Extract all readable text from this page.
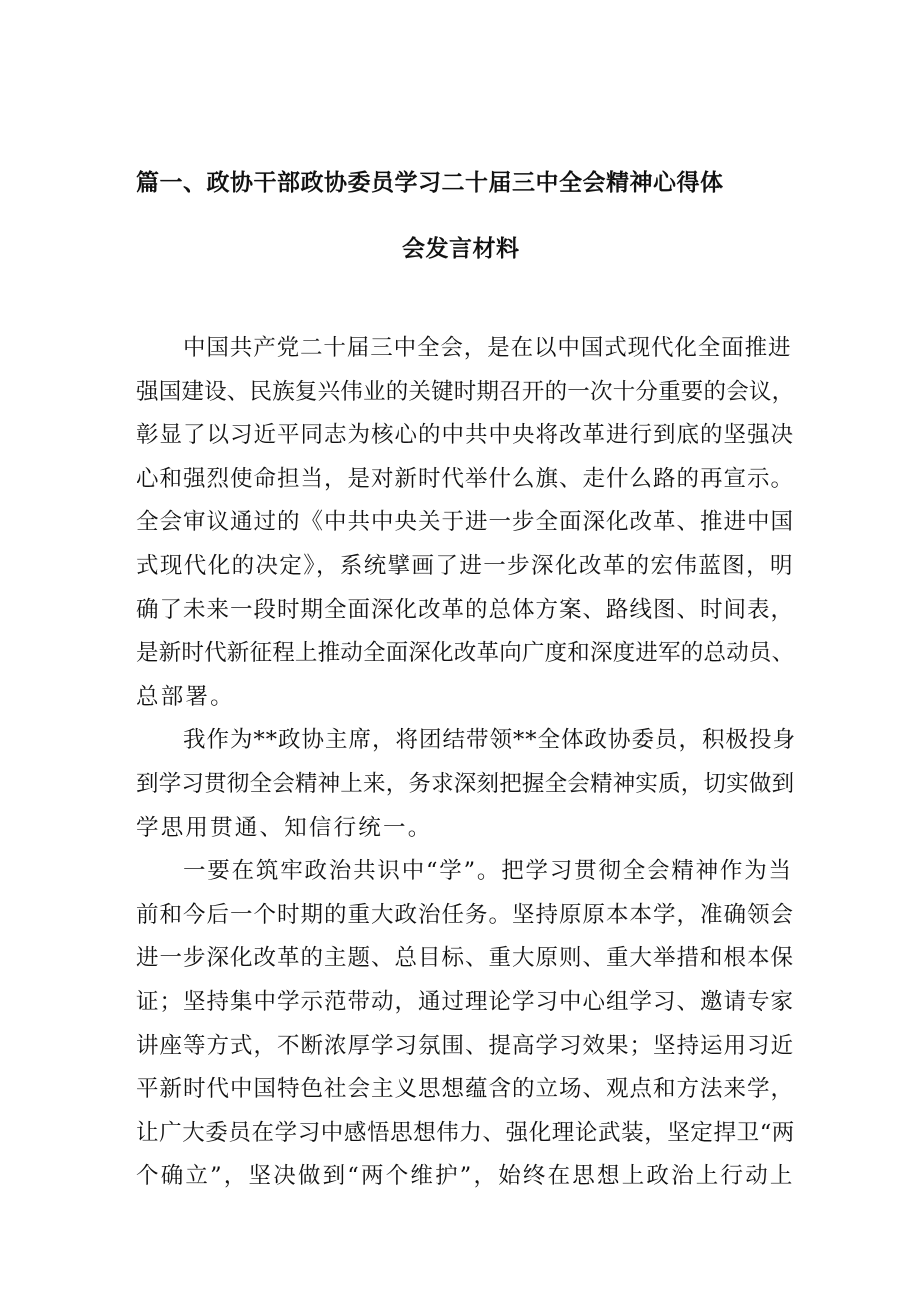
篇一、政协干部政协委员学习二十届三中全会精神心得体
会发言材料
中国共产党二十届三中全会，是在以中国式现代化全面推进
强国建设、民族复兴伟业的关键时期召开的一次十分重要的会议，
彰显了以习近平同志为核心的中共中央将改革进行到底的坚强决
心和强烈使命担当，是对新时代举什么旗、走什么路的再宣示。
全会审议通过的《中共中央关于进一步全面深化改革、推进中国
式现代化的决定》，系统擘画了进一步深化改革的宏伟蓝图，明
确了未来一段时期全面深化改革的总体方案、路线图、时间表，
是新时代新征程上推动全面深化改革向广度和深度进军的总动员、
总部署。
我作为**政协主席，将团结带领**全体政协委员，积极投身
到学习贯彻全会精神上来，务求深刻把握全会精神实质，切实做到
学思用贯通、知信行统一。
一要在筑牢政治共识中“学”。把学习贯彻全会精神作为当
前和今后一个时期的重大政治任务。坚持原原本本学，准确领会
进一步深化改革的主题、总目标、重大原则、重大举措和根本保
证；坚持集中学示范带动，通过理论学习中心组学习、邀请专家
讲座等方式，不断浓厚学习氛围、提高学习效果；坚持运用习近
平新时代中国特色社会主义思想蕴含的立场、观点和方法来学，
让广大委员在学习中感悟思想伟力、强化理论武装，坚定捍卫“两
个确立”，坚决做到“两个维护”，始终在思想上政治上行动上
